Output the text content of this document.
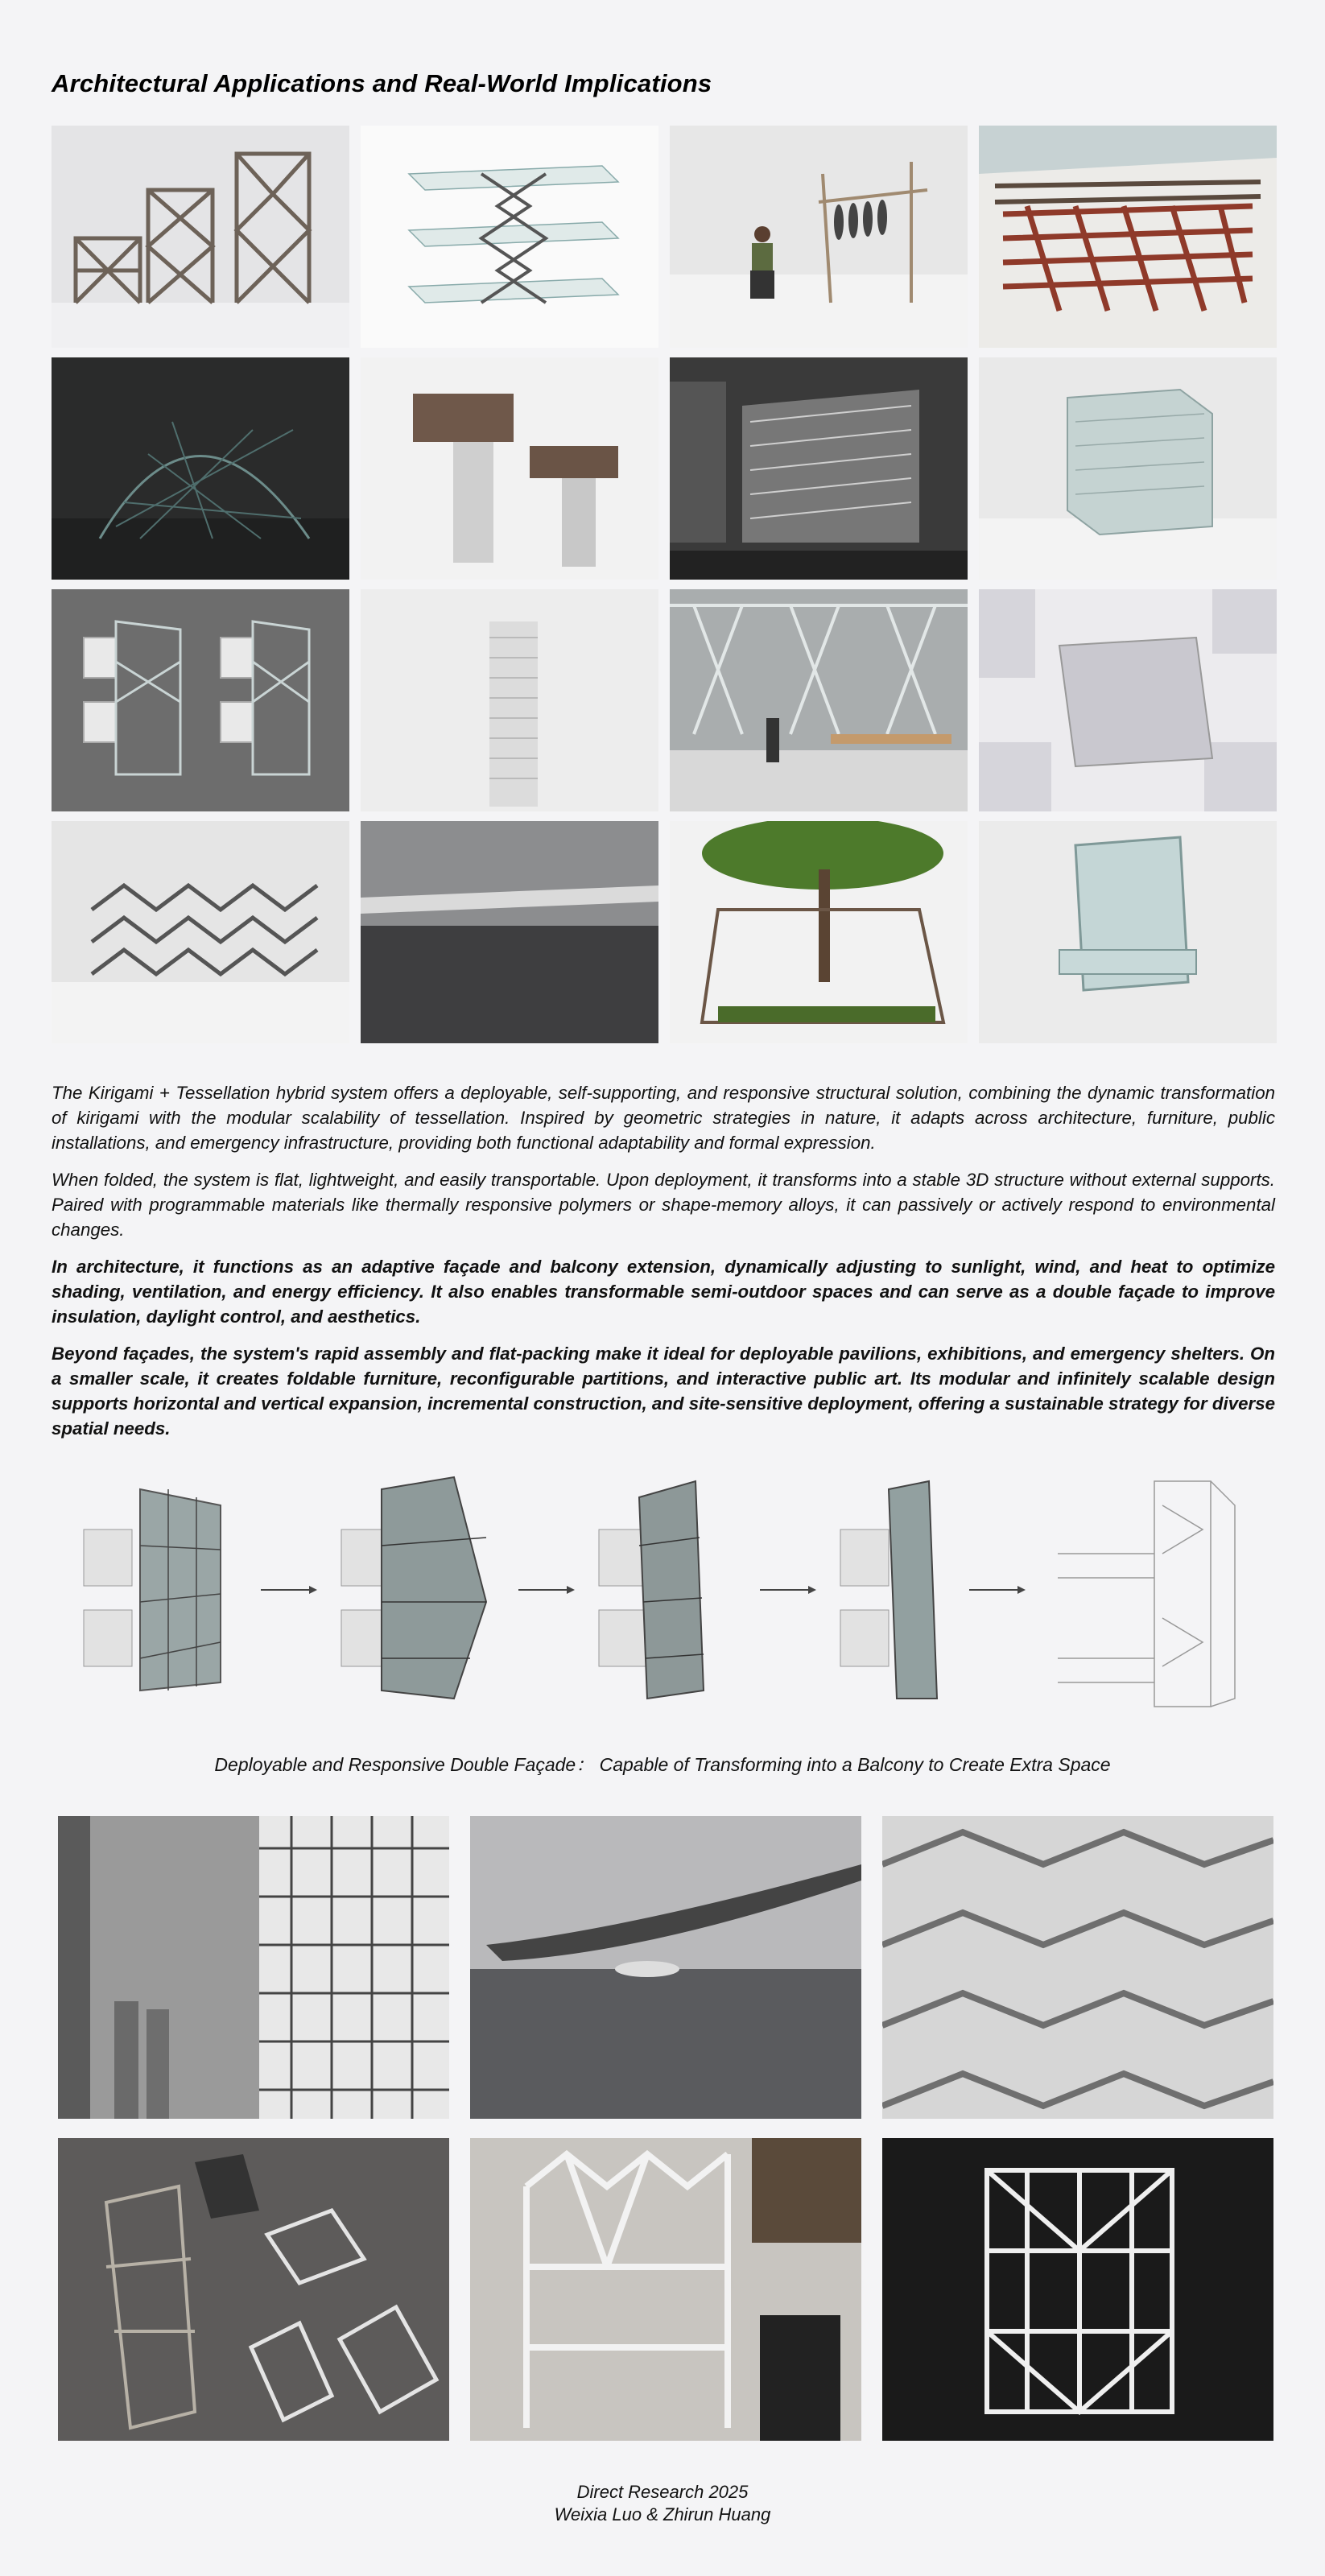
Architectural Applications and Real-World Implications

The Kirigami + Tessellation hybrid system offers a deployable, self-supporting, and responsive structural solution, combining the dynamic transformation of kirigami with the modular scalability of tessellation. Inspired by geometric strategies in nature, it adapts across architecture, furniture, public installations, and emergency infrastructure, providing both functional adaptability and formal expression.

When folded, the system is flat, lightweight, and easily transportable. Upon deployment, it transforms into a stable 3D structure without external supports. Paired with programmable materials like thermally responsive polymers or shape-memory alloys, it can passively or actively respond to environmental changes.

In architecture, it functions as an adaptive façade and balcony extension, dynamically adjusting to sunlight, wind, and heat to optimize shading, ventilation, and energy efficiency. It also enables transformable semi-outdoor spaces and can serve as a double façade to improve insulation, daylight control, and aesthetics.

Beyond façades, the system's rapid assembly and flat-packing make it ideal for deployable pavilions, exhibitions, and emergency shelters. On a smaller scale, it creates foldable furniture, reconfigurable partitions, and interactive public art. Its modular and infinitely scalable design supports horizontal and vertical expansion, incremental construction, and site-sensitive deployment, offering a sustainable strategy for diverse spatial needs.

Deployable and Responsive Double Façade： Capable of Transforming into a Balcony to Create Extra Space
Direct Research 2025
Weixia Luo & Zhirun Huang
